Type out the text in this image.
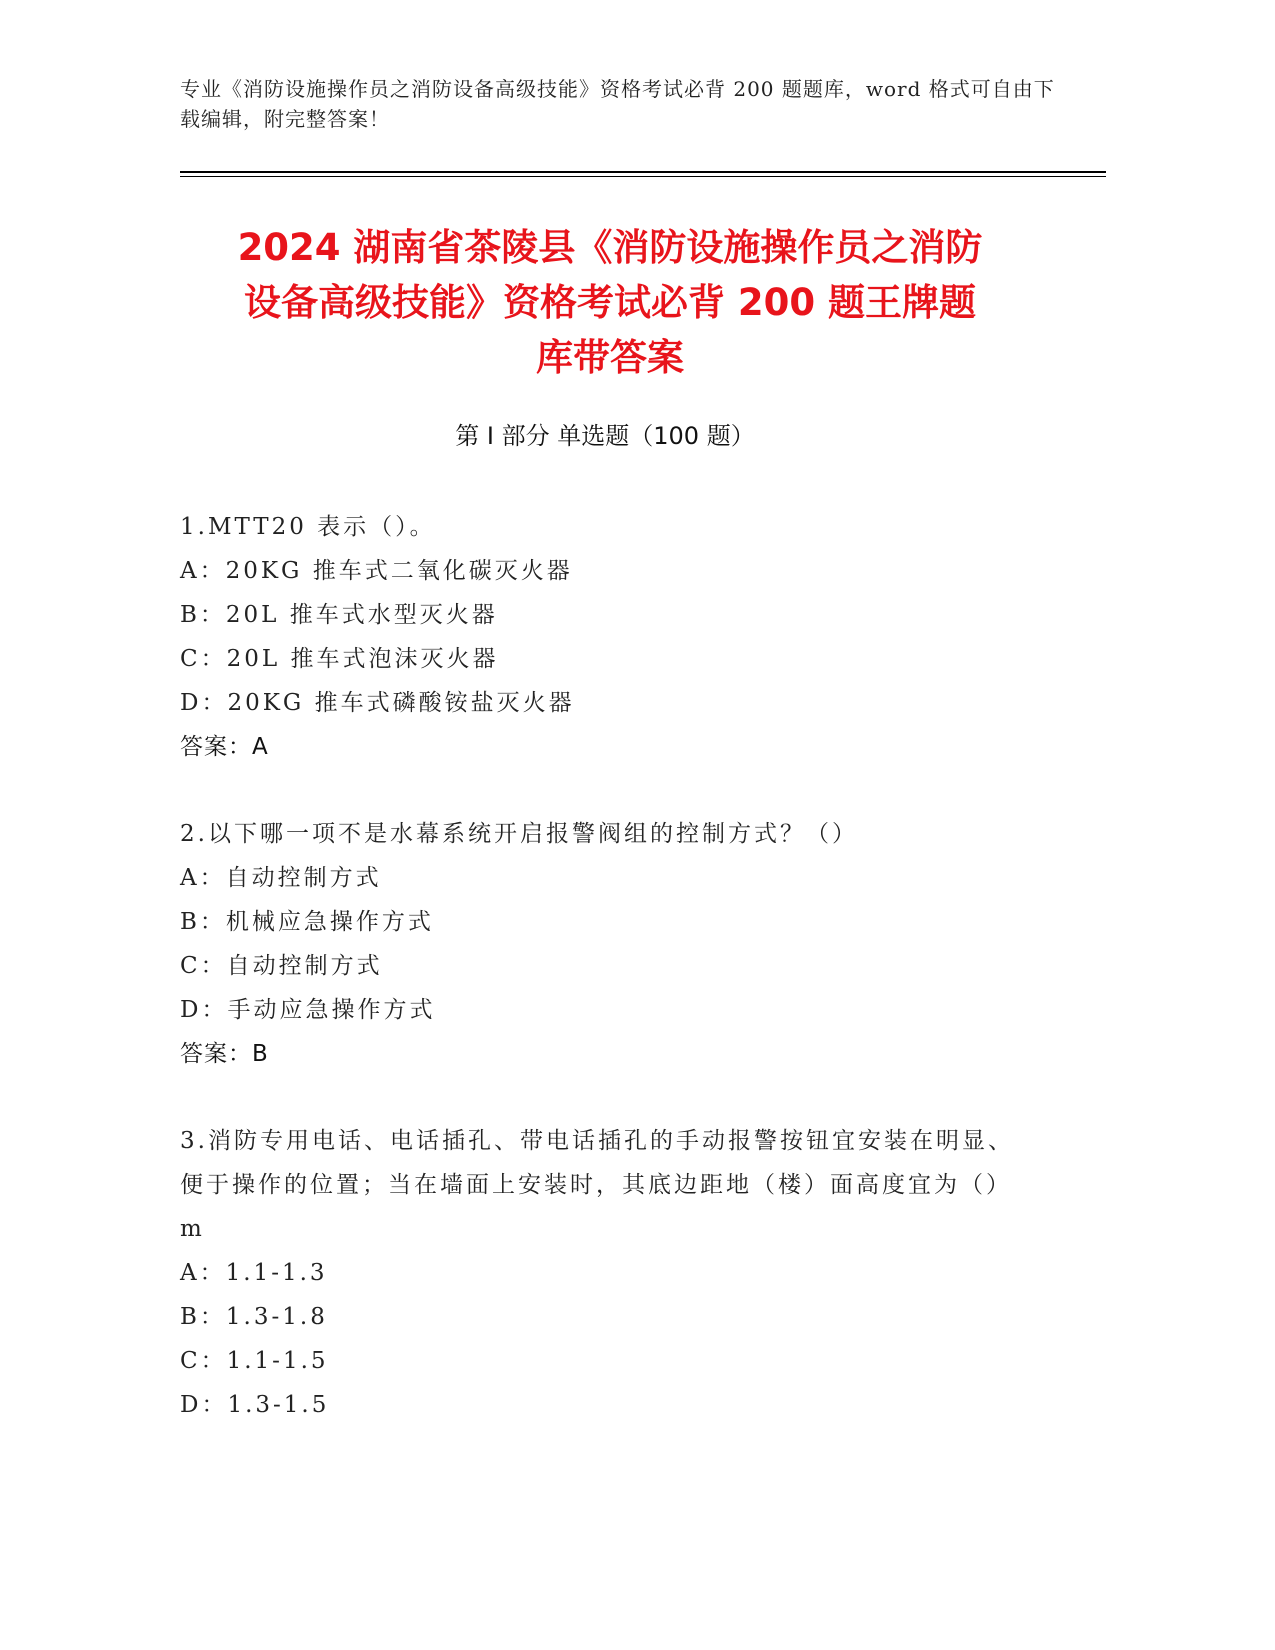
专业《消防设施操作员之消防设备高级技能》资格考试必背 200 题题库，word 格式可自由下载编辑，附完整答案！
2024 湖南省茶陵县《消防设施操作员之消防
设备高级技能》资格考试必背 200 题王牌题
库带答案
第 I 部分 单选题（100 题）
1.MTT20 表示（）。
A：20KG 推车式二氧化碳灭火器
B：20L 推车式水型灭火器
C：20L 推车式泡沫灭火器
D：20KG 推车式磷酸铵盐灭火器
答案：A
2.以下哪一项不是水幕系统开启报警阀组的控制方式？（）
A：自动控制方式
B：机械应急操作方式
C：自动控制方式
D：手动应急操作方式
答案：B
3.消防专用电话、电话插孔、带电话插孔的手动报警按钮宜安装在明显、便于操作的位置；当在墙面上安装时，其底边距地（楼）面高度宜为（）m
A：1.1-1.3
B：1.3-1.8
C：1.1-1.5
D：1.3-1.5
